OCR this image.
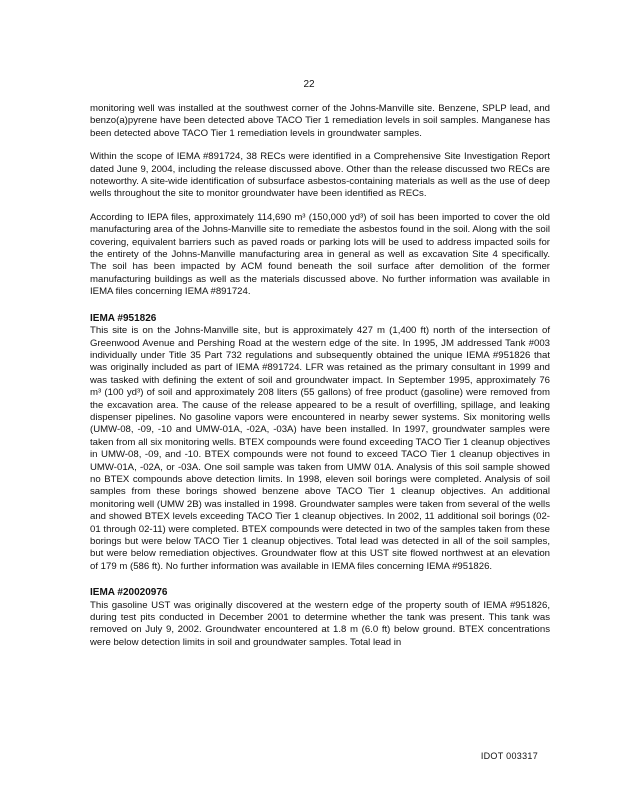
22

monitoring well was installed at the southwest corner of the Johns-Manville site. Benzene, SPLP lead, and benzo(a)pyrene have been detected above TACO Tier 1 remediation levels in soil samples. Manganese has been detected above TACO Tier 1 remediation levels in groundwater samples.

Within the scope of IEMA #891724, 38 RECs were identified in a Comprehensive Site Investigation Report dated June 9, 2004, including the release discussed above. Other than the release discussed two RECs are noteworthy. A site-wide identification of subsurface asbestos-containing materials as well as the use of deep wells throughout the site to monitor groundwater have been identified as RECs.

According to IEPA files, approximately 114,690 m³ (150,000 yd³) of soil has been imported to cover the old manufacturing area of the Johns-Manville site to remediate the asbestos found in the soil. Along with the soil covering, equivalent barriers such as paved roads or parking lots will be used to address impacted soils for the entirety of the Johns-Manville manufacturing area in general as well as excavation Site 4 specifically. The soil has been impacted by ACM found beneath the soil surface after demolition of the former manufacturing buildings as well as the materials discussed above. No further information was available in IEMA files concerning IEMA #891724.

IEMA #951826

This site is on the Johns-Manville site, but is approximately 427 m (1,400 ft) north of the intersection of Greenwood Avenue and Pershing Road at the western edge of the site. In 1995, JM addressed Tank #003 individually under Title 35 Part 732 regulations and subsequently obtained the unique IEMA #951826 that was originally included as part of IEMA #891724. LFR was retained as the primary consultant in 1999 and was tasked with defining the extent of soil and groundwater impact. In September 1995, approximately 76 m³ (100 yd³) of soil and approximately 208 liters (55 gallons) of free product (gasoline) were removed from the excavation area. The cause of the release appeared to be a result of overfilling, spillage, and leaking dispenser pipelines. No gasoline vapors were encountered in nearby sewer systems. Six monitoring wells (UMW-08, -09, -10 and UMW-01A, -02A, -03A) have been installed. In 1997, groundwater samples were taken from all six monitoring wells. BTEX compounds were found exceeding TACO Tier 1 cleanup objectives in UMW-08, -09, and -10. BTEX compounds were not found to exceed TACO Tier 1 cleanup objectives in UMW-01A, -02A, or -03A. One soil sample was taken from UMW 01A. Analysis of this soil sample showed no BTEX compounds above detection limits. In 1998, eleven soil borings were completed. Analysis of soil samples from these borings showed benzene above TACO Tier 1 cleanup objectives. An additional monitoring well (UMW 2B) was installed in 1998. Groundwater samples were taken from several of the wells and showed BTEX levels exceeding TACO Tier 1 cleanup objectives. In 2002, 11 additional soil borings (02-01 through 02-11) were completed. BTEX compounds were detected in two of the samples taken from these borings but were below TACO Tier 1 cleanup objectives. Total lead was detected in all of the soil samples, but were below remediation objectives. Groundwater flow at this UST site flowed northwest at an elevation of 179 m (586 ft). No further information was available in IEMA files concerning IEMA #951826.

IEMA #20020976

This gasoline UST was originally discovered at the western edge of the property south of IEMA #951826, during test pits conducted in December 2001 to determine whether the tank was present. This tank was removed on July 9, 2002. Groundwater encountered at 1.8 m (6.0 ft) below ground. BTEX concentrations were below detection limits in soil and groundwater samples. Total lead in

IDOT 003317
